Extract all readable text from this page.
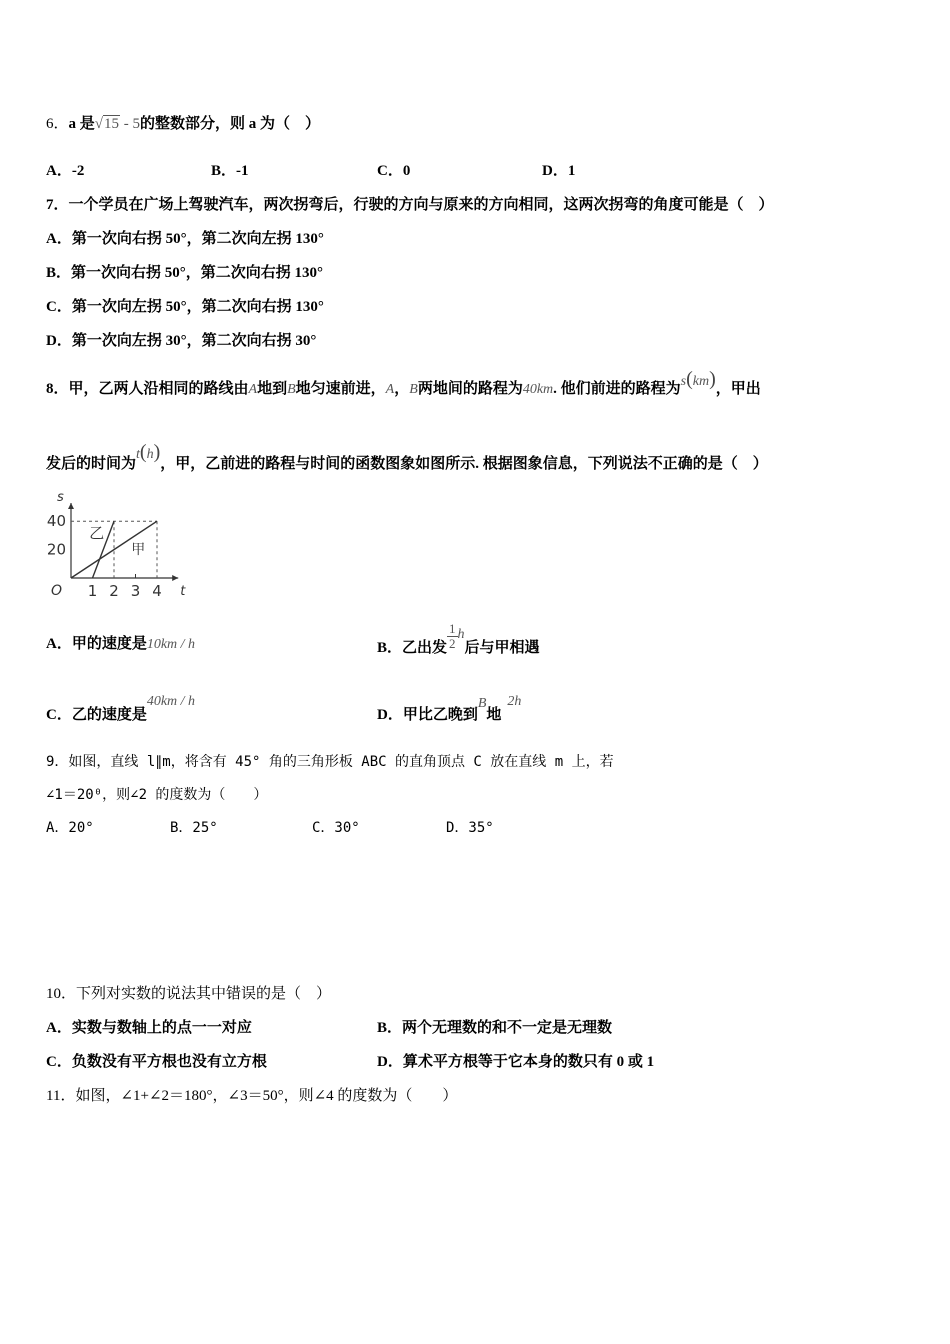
6．a 是√15 - 5的整数部分，则 a 为（　）
A．-2	B．-1	C．0	D．1
7．一个学员在广场上驾驶汽车，两次拐弯后，行驶的方向与原来的方向相同，这两次拐弯的角度可能是（　）
A．第一次向右拐 50°，第二次向左拐 130°
B．第一次向右拐 50°，第二次向右拐 130°
C．第一次向左拐 50°，第二次向右拐 130°
D．第一次向左拐 30°，第二次向右拐 30°
8．甲，乙两人沿相同的路线由A地到B地匀速前进，A，B两地间的路程为40km. 他们前进的路程为s(km)，甲出
发后的时间为t(h)，甲，乙前进的路程与时间的函数图象如图所示. 根据图象信息，下列说法不正确的是（　）
t
s
O 1 2 3 4
20
40
乙
甲
A．甲的速度是10km / h	B．乙出发 $\frac{1}{2}$ h后与甲相遇
C．乙的速度是40km / h
D．甲比乙晚到B地2h
9．如图，直线 l∥m，将含有 45° 角的三角形板 ABC 的直角顶点 C 放在直线 m 上，若
∠1＝20⁰，则∠2 的度数为（　　）
A．20°	B．25°	C．30°	D．35°
10．下列对实数的说法其中错误的是（　）
A．实数与数轴上的点一一对应	B．两个无理数的和不一定是无理数
C．负数没有平方根也没有立方根	D．算术平方根等于它本身的数只有 0 或 1
11．如图，∠1+∠2＝180°，∠3＝50°，则∠4 的度数为（　　）
